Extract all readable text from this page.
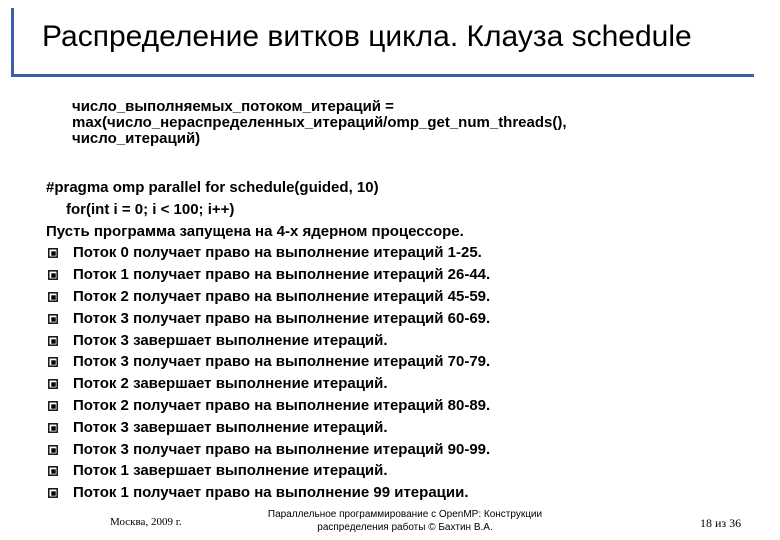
Распределение витков цикла. Клауза schedule
число_выполняемых_потоком_итераций =
max(число_нераспределенных_итераций/omp_get_num_threads(),
число_итераций)
#pragma omp parallel for schedule(guided, 10)
for(int i = 0; i < 100; i++)
Пусть программа запущена на 4-х ядерном процессоре.
Поток 0 получает право на выполнение итераций 1-25.
Поток 1 получает право на выполнение итераций 26-44.
Поток 2 получает право на выполнение итераций 45-59.
Поток 3 получает право на выполнение итераций 60-69.
Поток 3 завершает выполнение итераций.
Поток 3 получает право на выполнение итераций 70-79.
Поток 2 завершает выполнение итераций.
Поток 2 получает право на выполнение итераций 80-89.
Поток 3 завершает выполнение итераций.
Поток 3 получает право на выполнение итераций 90-99.
Поток 1 завершает выполнение итераций.
Поток 1 получает право на выполнение 99 итерации.
Москва, 2009 г.
Параллельное программирование с OpenMP: Конструкции
распределения работы © Бахтин В.А.	18 из 36
